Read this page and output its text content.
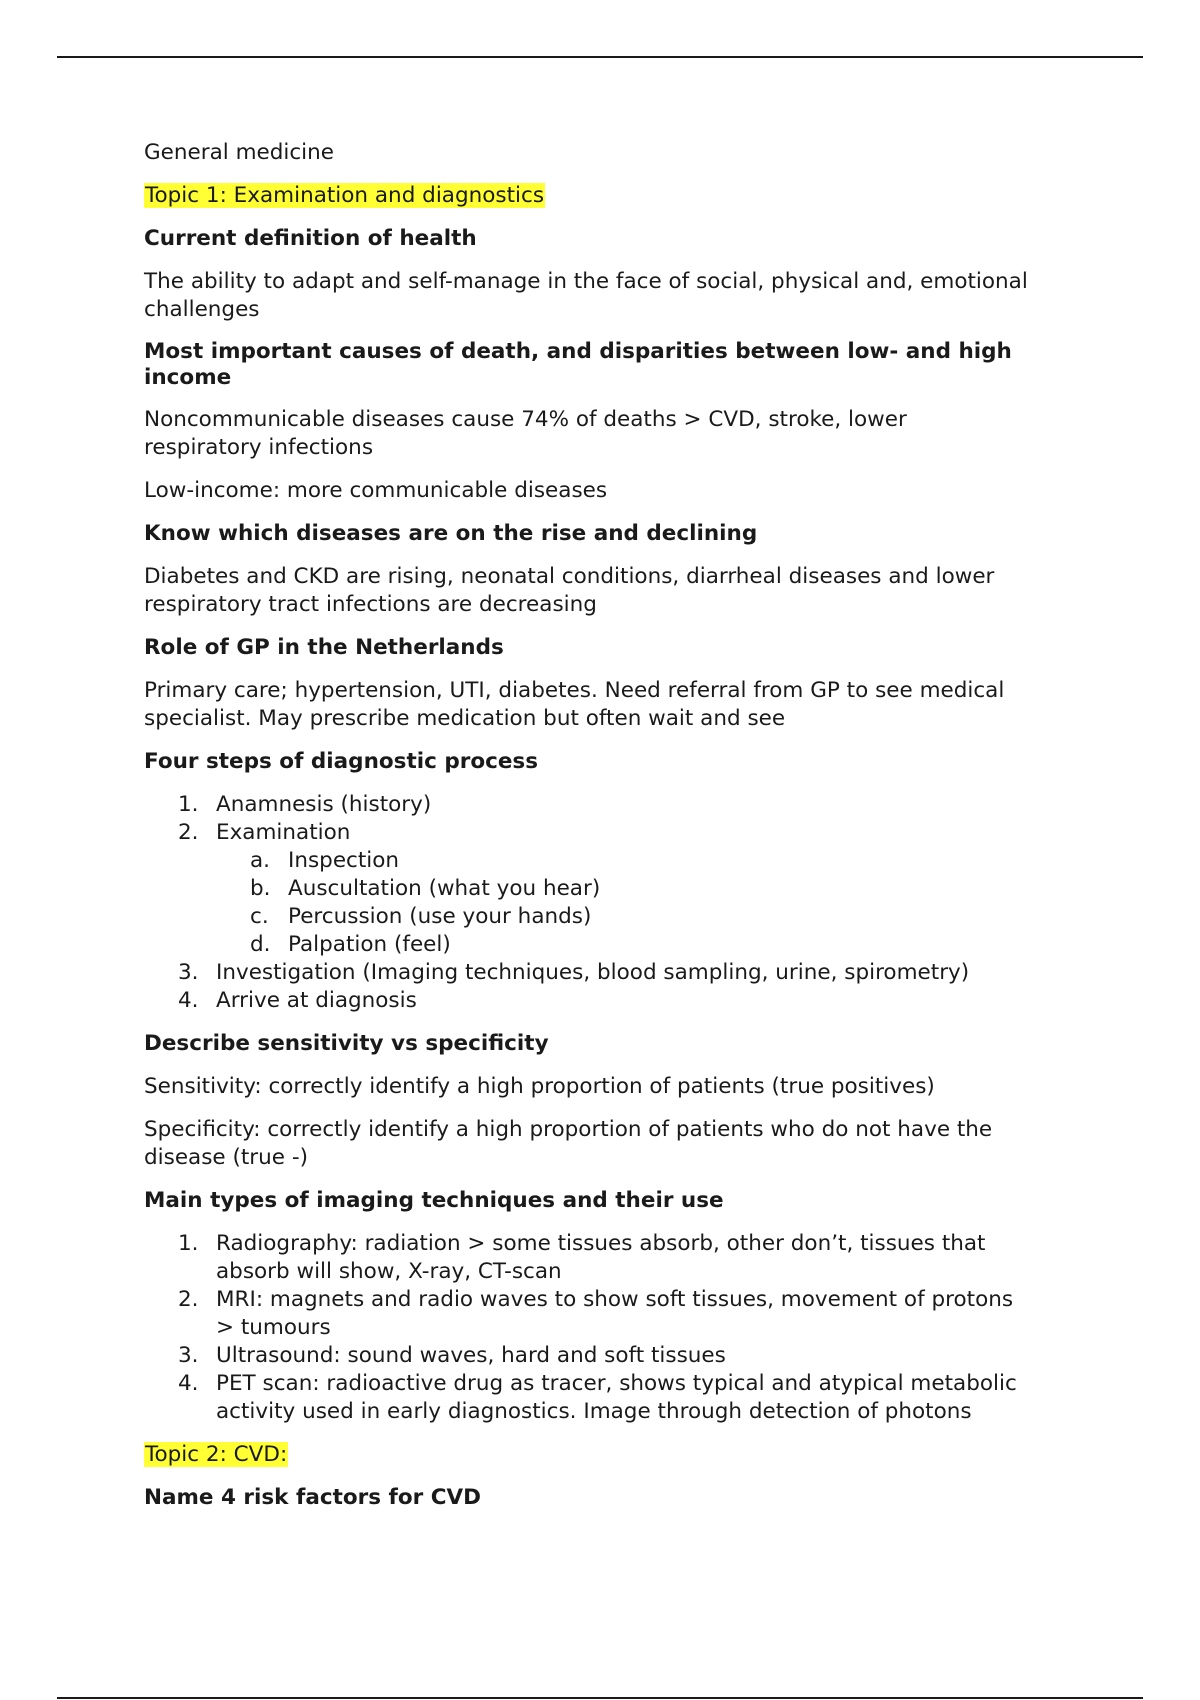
General medicine

Topic 1: Examination and diagnostics

Current definition of health

The ability to adapt and self-manage in the face of social, physical and, emotional
challenges

Most important causes of death, and disparities between low- and high
income

Noncommunicable diseases cause 74% of deaths > CVD, stroke, lower
respiratory infections

Low-income: more communicable diseases

Know which diseases are on the rise and declining

Diabetes and CKD are rising, neonatal conditions, diarrheal diseases and lower
respiratory tract infections are decreasing

Role of GP in the Netherlands

Primary care; hypertension, UTI, diabetes. Need referral from GP to see medical
specialist. May prescribe medication but often wait and see

Four steps of diagnostic process

1. Anamnesis (history)
2. Examination
a. Inspection
b. Auscultation (what you hear)
c. Percussion (use your hands)
d. Palpation (feel)
3. Investigation (Imaging techniques, blood sampling, urine, spirometry)
4. Arrive at diagnosis

Describe sensitivity vs specificity

Sensitivity: correctly identify a high proportion of patients (true positives)

Specificity: correctly identify a high proportion of patients who do not have the
disease (true -)

Main types of imaging techniques and their use

1. Radiography: radiation > some tissues absorb, other don’t, tissues that
absorb will show, X-ray, CT-scan
2. MRI: magnets and radio waves to show soft tissues, movement of protons
> tumours
3. Ultrasound: sound waves, hard and soft tissues
4. PET scan: radioactive drug as tracer, shows typical and atypical metabolic
activity used in early diagnostics. Image through detection of photons

Topic 2: CVD:

Name 4 risk factors for CVD
